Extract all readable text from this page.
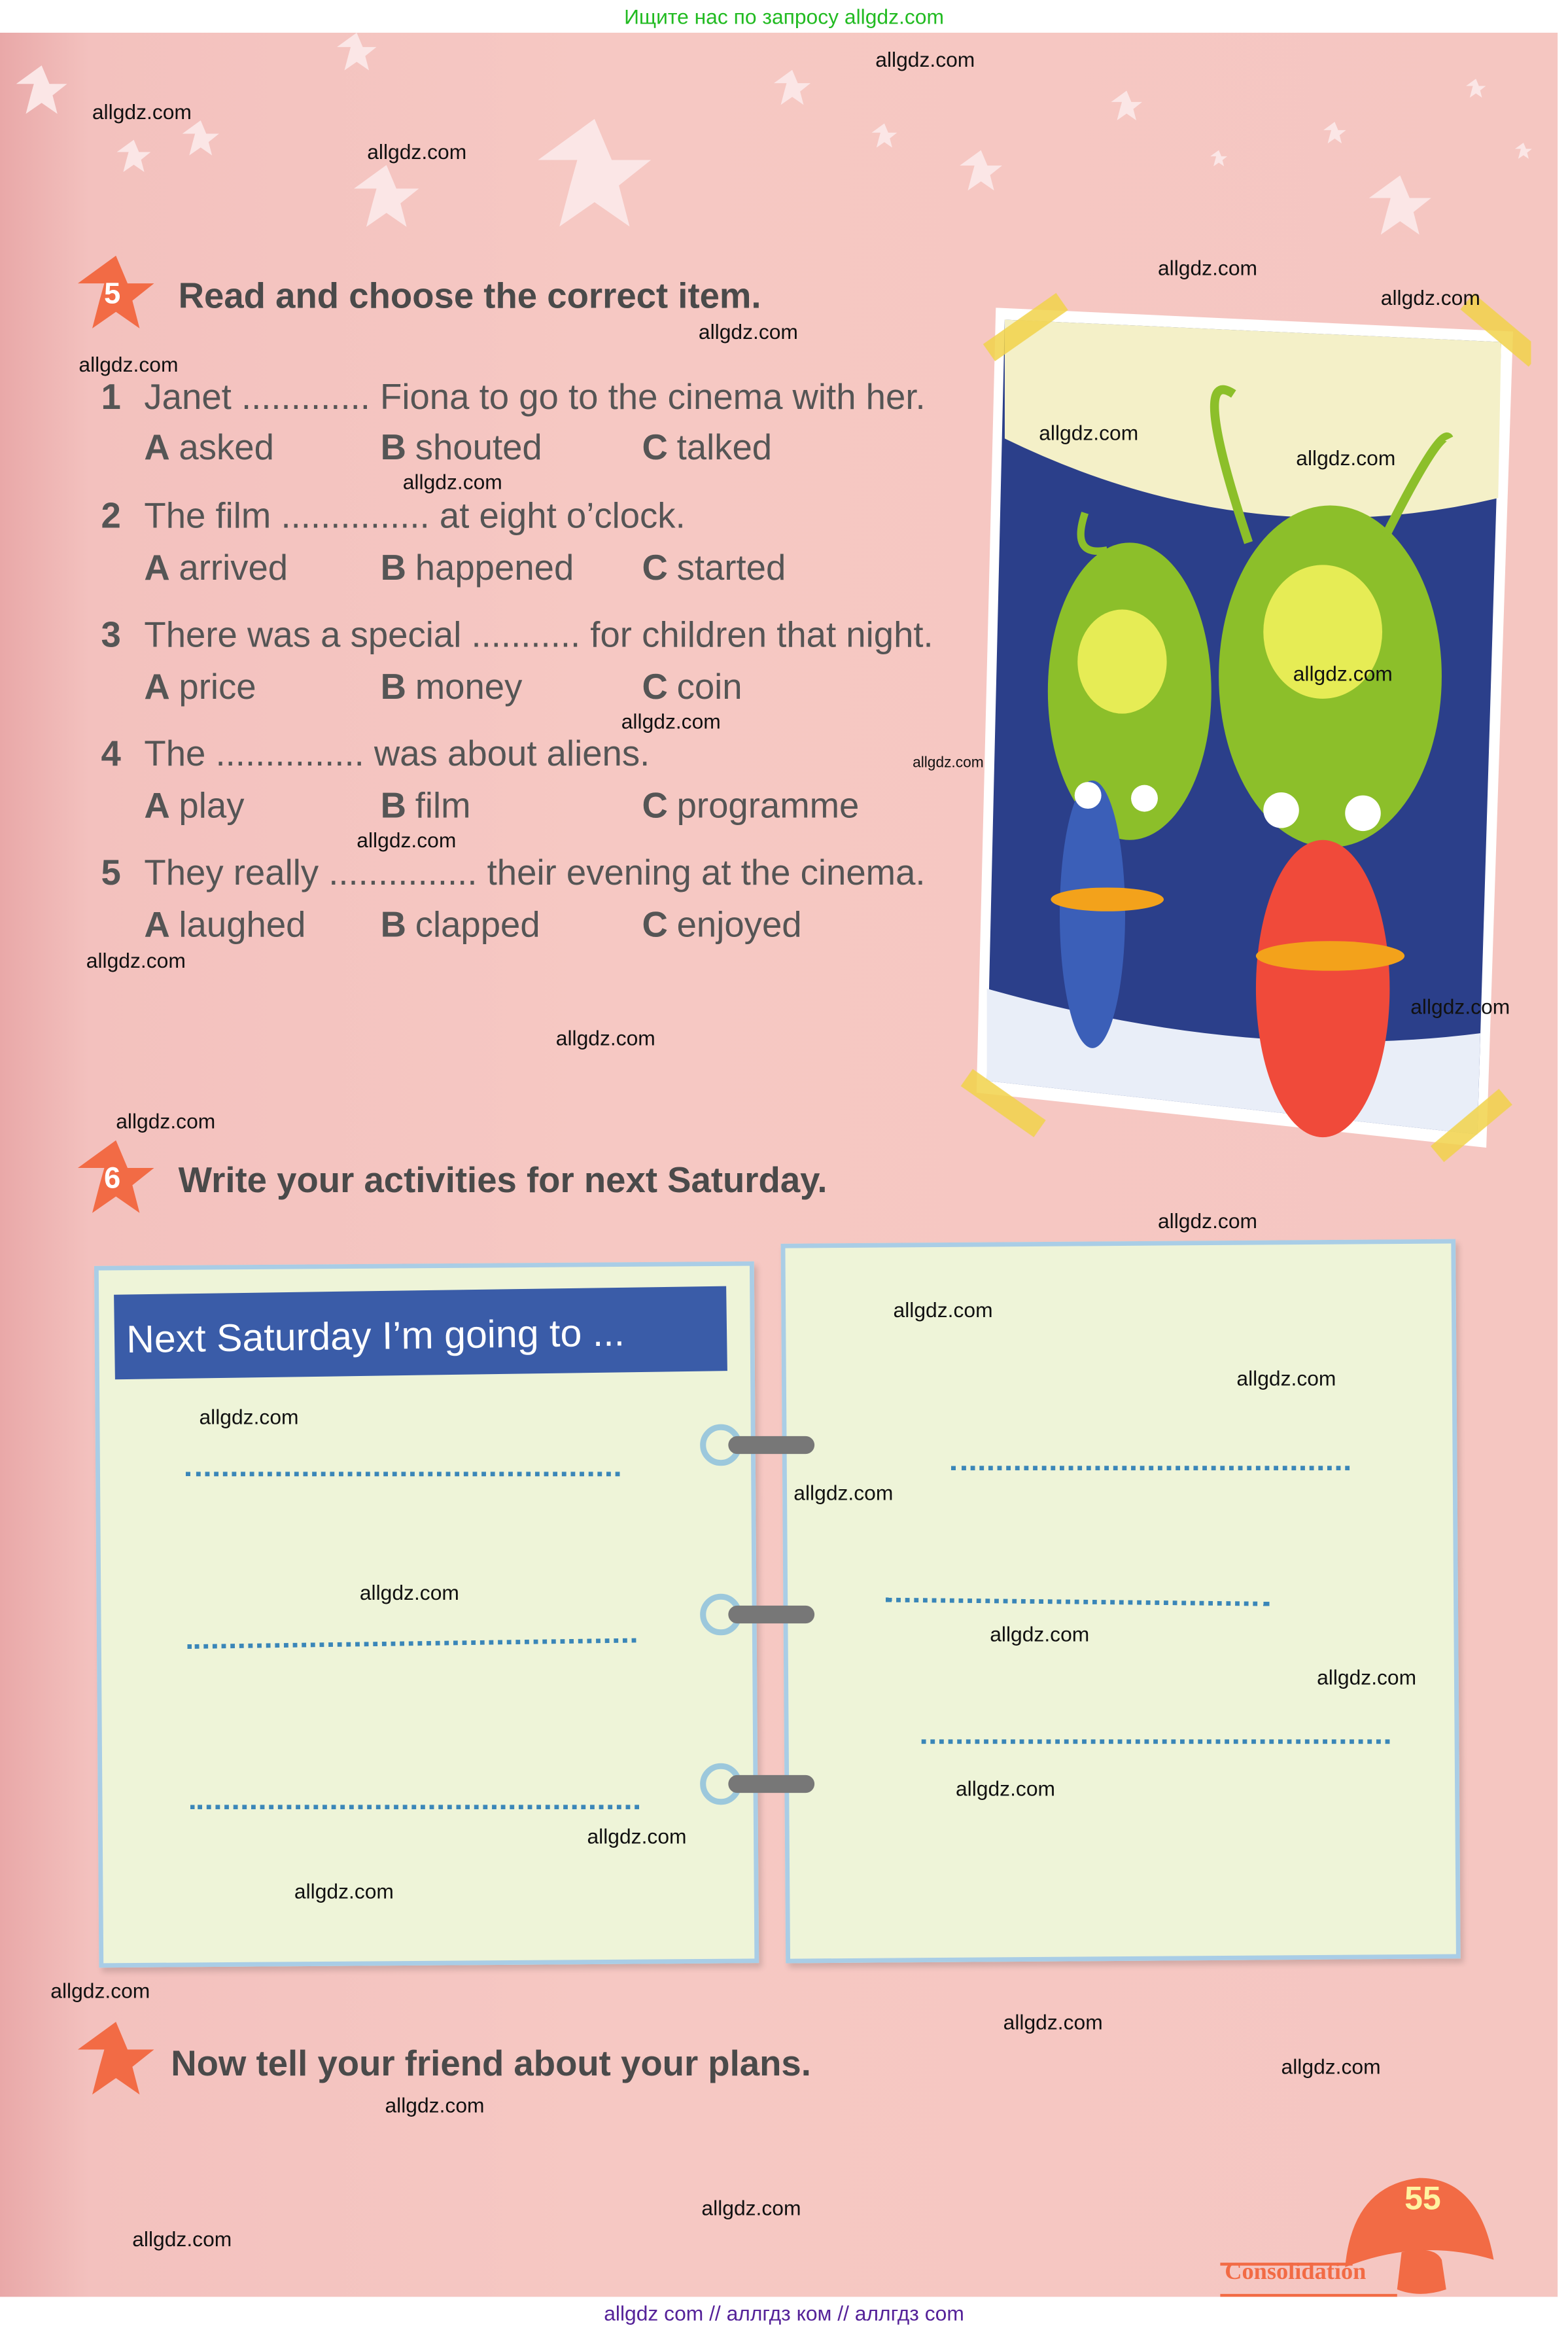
Ищите нас по запросу allgdz.com
5	Read and choose the correct item.
1 Janet ............. Fiona to go to the cinema with her.
A asked	B shouted	C talked
2 The film ............... at eight o’clock.
A arrived	B happened	C started
3 There was a special ........... for children that night.
A price	B money	C coin
4 The ............... was about aliens.
A play	B film	C programme
5 They really ............... their evening at the cinema.
A laughed	B clapped	C enjoyed
6	Write your activities for next Saturday.
Next Saturday I’m going to ...
Now tell your friend about your plans.
55
Consolidation
allgdz.com
allgdz.com
allgdz.com
allgdz.com
allgdz.com
allgdz.com
allgdz.com
allgdz.com
allgdz.com
allgdz.com
allgdz.com
allgdz.com
allgdz.com
allgdz.com
allgdz.com
allgdz.com
allgdz.com
allgdz.com
allgdz.com
allgdz.com
allgdz.com
allgdz.com
allgdz.com
allgdz.com
allgdz.com
allgdz.com
allgdz.com
allgdz.com
allgdz.com
allgdz.com
allgdz.com
allgdz.com
allgdz.com
allgdz.com
allgdz.com
allgdz com // аллгдз ком // аллгдз com
